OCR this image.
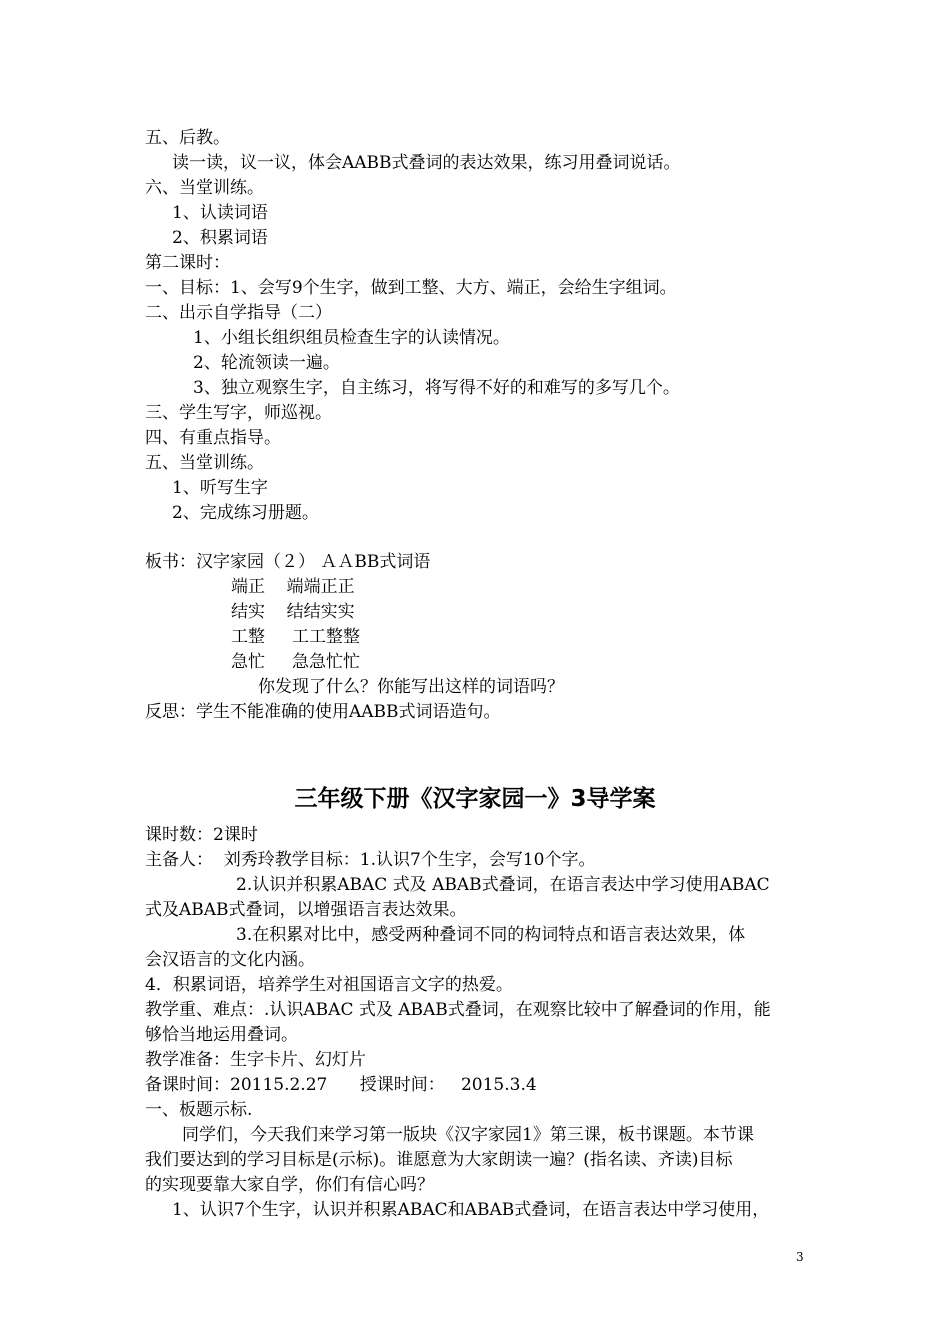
五、后教。
读一读，议一议，体会AABB式叠词的表达效果，练习用叠词说话。
六、当堂训练。
1、认读词语
2、积累词语
第二课时：
一、目标：1、会写9个生字，做到工整、大方、端正，会给生字组词。
二、出示自学指导（二）
1、小组长组织组员检查生字的认读情况。
2、轮流领读一遍。
3、独立观察生字，自主练习，将写得不好的和难写的多写几个。
三、学生写字，师巡视。
四、有重点指导。
五、当堂训练。
1、听写生字
2、完成练习册题。
板书：汉字家园（２） ＡＡBB式词语
端正    端端正正
结实    结结实实
工整     工工整整
急忙     急急忙忙
你发现了什么？你能写出这样的词语吗？
反思：学生不能准确的使用AABB式词语造句。
三年级下册《汉字家园一》3导学案
课时数：2课时
主备人：  刘秀玲教学目标：1.认识7个生字，会写10个字。
2.认识并积累ABAC 式及 ABAB式叠词，在语言表达中学习使用ABAC
式及ABAB式叠词，以增强语言表达效果。
3.在积累对比中，感受两种叠词不同的构词特点和语言表达效果，体
会汉语言的文化内涵。
4．积累词语，培养学生对祖国语言文字的热爱。
教学重、难点：.认识ABAC 式及 ABAB式叠词，在观察比较中了解叠词的作用，能
够恰当地运用叠词。
教学准备：生字卡片、幻灯片
备课时间：20115.2.27      授课时间：   2015.3.4
一、板题示标.
同学们，今天我们来学习第一版块《汉字家园1》第三课，板书课题。本节课
我们要达到的学习目标是(示标)。谁愿意为大家朗读一遍？(指名读、齐读)目标
的实现要靠大家自学，你们有信心吗？
1、认识7个生字，认识并积累ABAC和ABAB式叠词，在语言表达中学习使用，
3
